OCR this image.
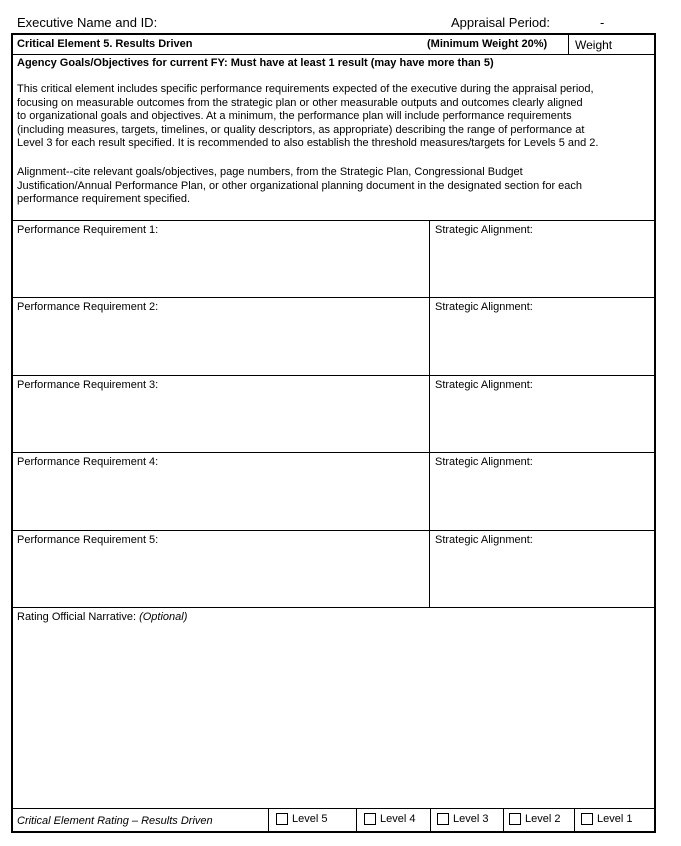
Executive Name and ID:	Appraisal Period:	-
Critical Element 5. Results Driven	(Minimum Weight 20%) Weight
Agency Goals/Objectives for current FY: Must have at least 1 result (may have more than 5)
This critical element includes specific performance requirements expected of the executive during the appraisal period,
focusing on measurable outcomes from the strategic plan or other measurable outputs and outcomes clearly aligned
to organizational goals and objectives. At a minimum, the performance plan will include performance requirements
(including measures, targets, timelines, or quality descriptors, as appropriate) describing the range of performance at
Level 3 for each result specified. It is recommended to also establish the threshold measures/targets for Levels 5 and 2.
Alignment--cite relevant goals/objectives, page numbers, from the Strategic Plan, Congressional Budget
Justification/Annual Performance Plan, or other organizational planning document in the designated section for each
performance requirement specified.
Performance Requirement 1:	Strategic Alignment:
Performance Requirement 2:	Strategic Alignment:
Performance Requirement 3:	Strategic Alignment:
Performance Requirement 4:	Strategic Alignment:
Performance Requirement 5:	Strategic Alignment:
Rating Official Narrative: (Optional)
Critical Element Rating – Results Driven	Level 5	Level 4	Level 3	Level 2	Level 1
